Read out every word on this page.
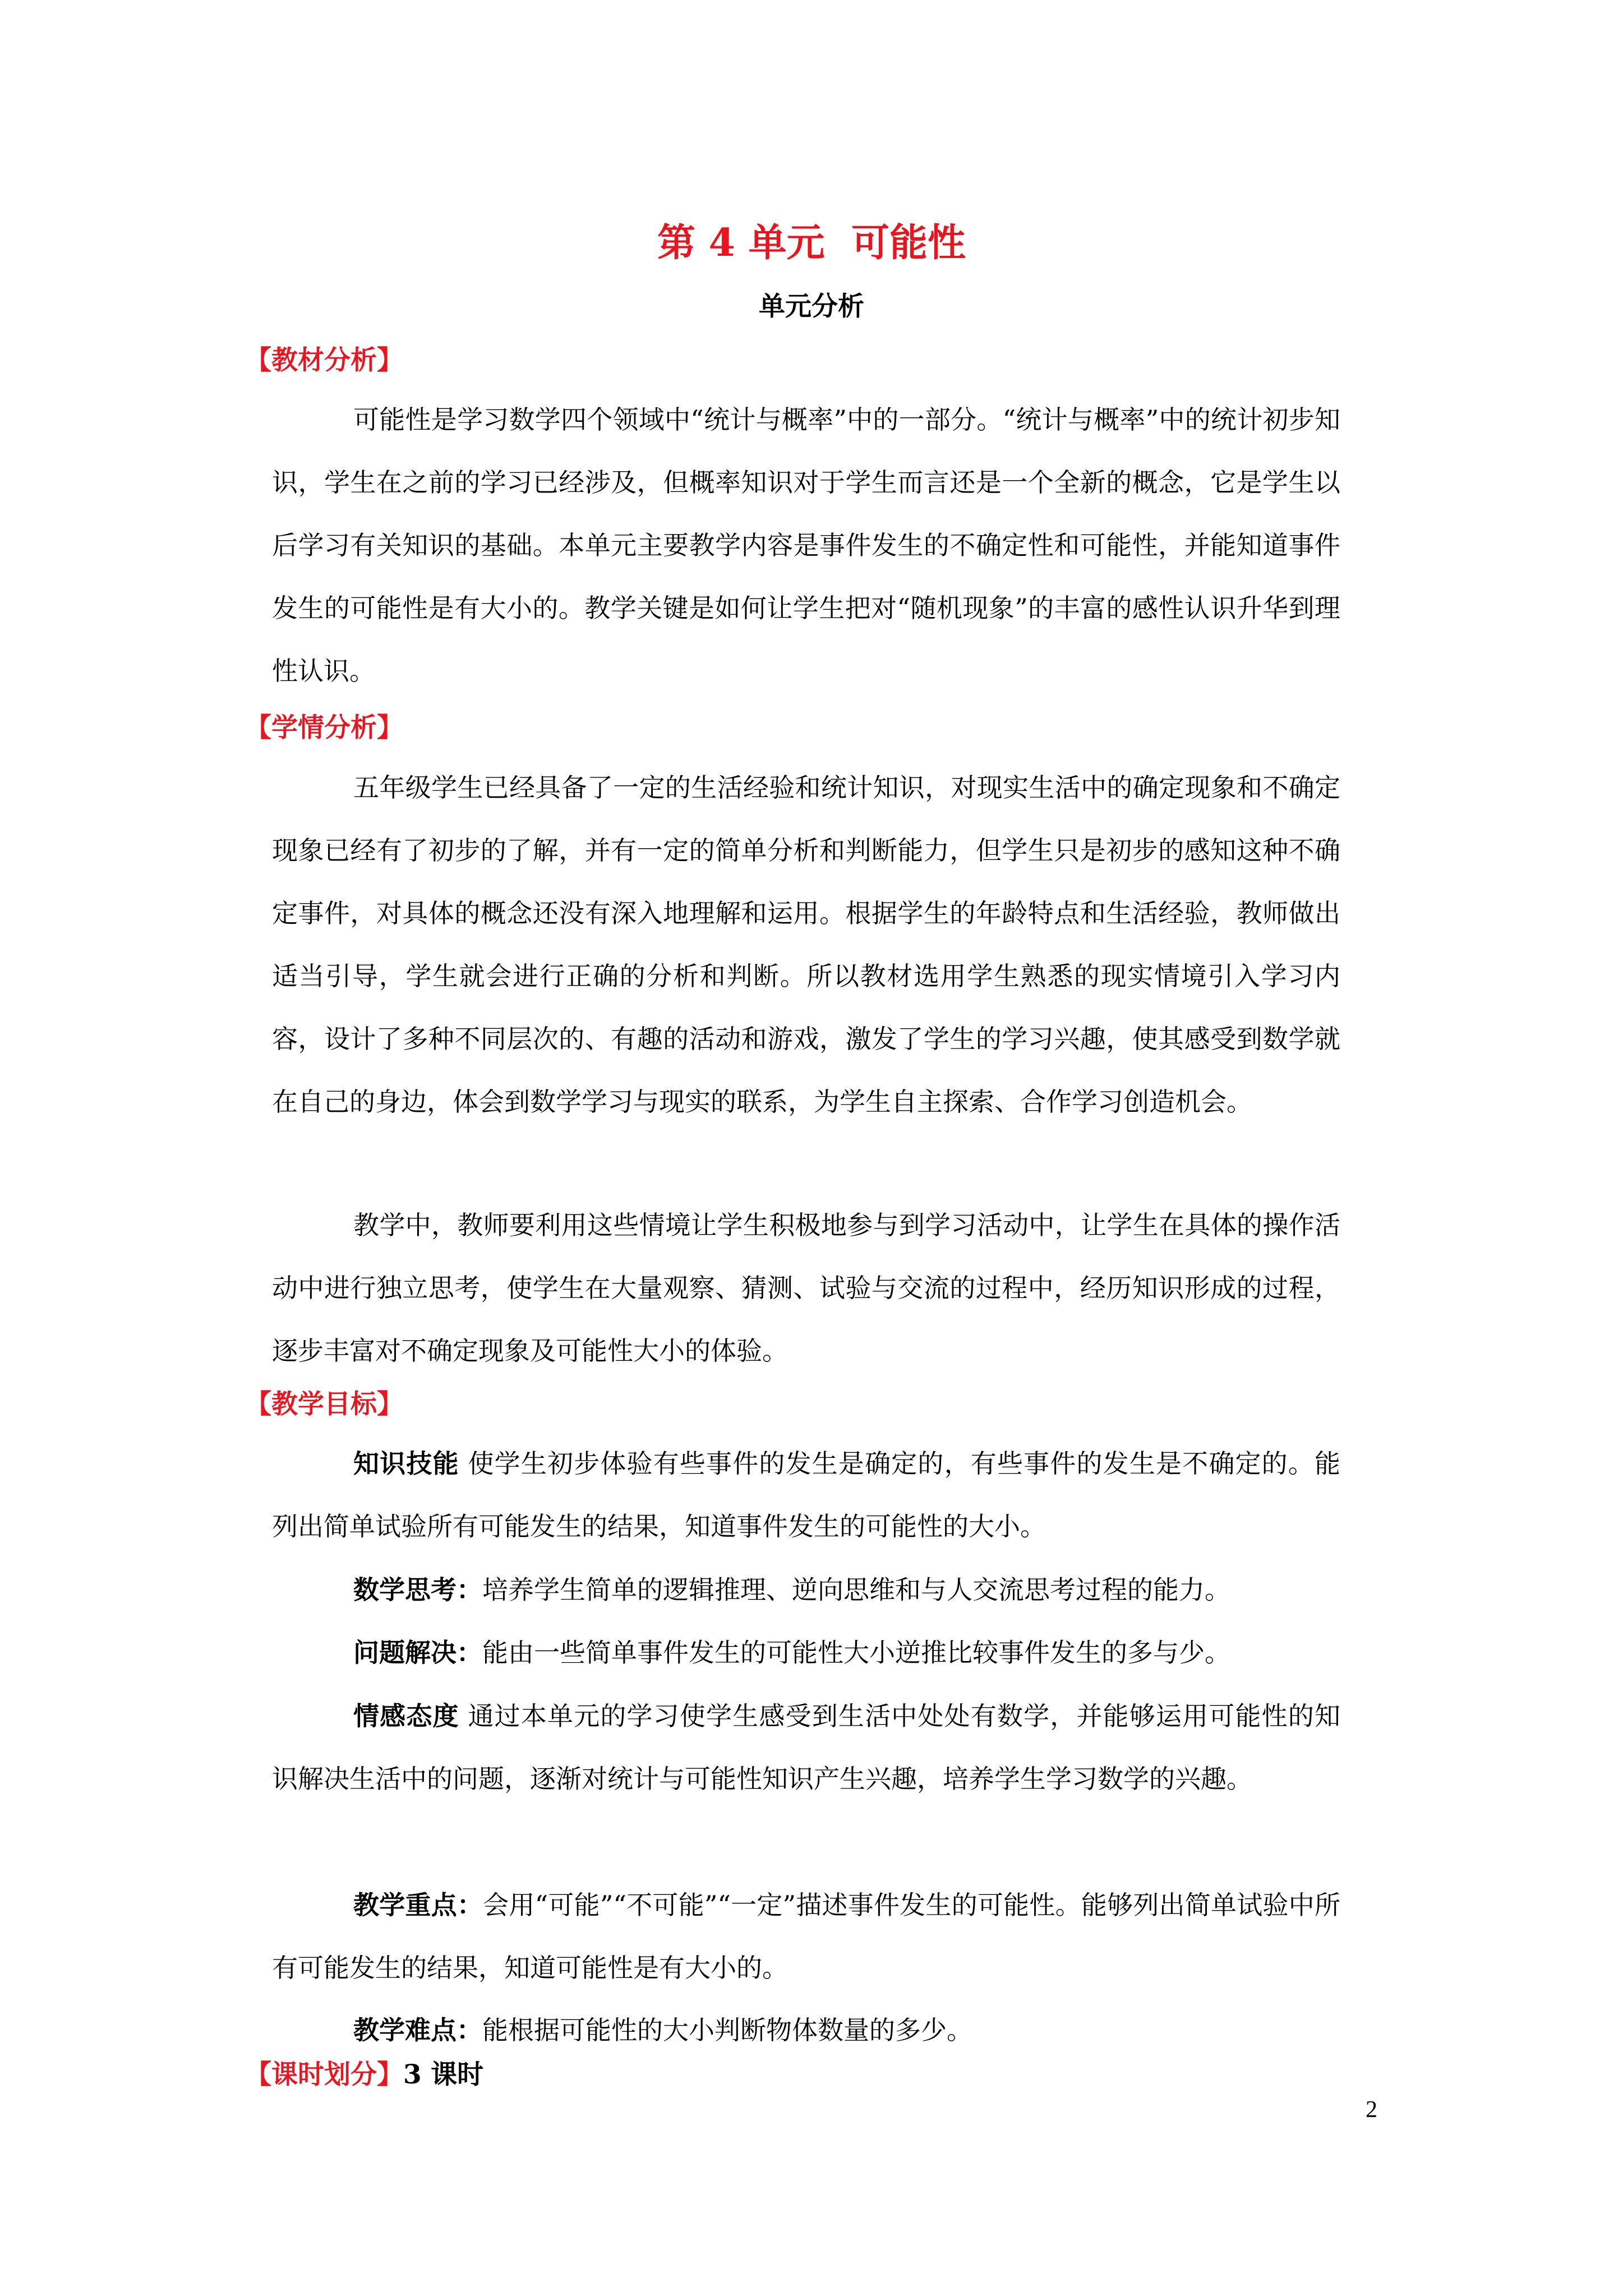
第 4 单元  可能性
单元分析
【教材分析】
可能性是学习数学四个领域中“统计与概率”中的一部分。“统计与概率”中的统计初步知识，学生在之前的学习已经涉及，但概率知识对于学生而言还是一个全新的概念，它是学生以后学习有关知识的基础。本单元主要教学内容是事件发生的不确定性和可能性，并能知道事件发生的可能性是有大小的。教学关键是如何让学生把对“随机现象”的丰富的感性认识升华到理性认识。
【学情分析】
五年级学生已经具备了一定的生活经验和统计知识，对现实生活中的确定现象和不确定现象已经有了初步的了解，并有一定的简单分析和判断能力，但学生只是初步的感知这种不确定事件，对具体的概念还没有深入地理解和运用。根据学生的年龄特点和生活经验，教师做出适当引导，学生就会进行正确的分析和判断。所以教材选用学生熟悉的现实情境引入学习内容，设计了多种不同层次的、有趣的活动和游戏，激发了学生的学习兴趣，使其感受到数学就在自己的身边，体会到数学学习与现实的联系，为学生自主探索、合作学习创造机会。
教学中，教师要利用这些情境让学生积极地参与到学习活动中，让学生在具体的操作活动中进行独立思考，使学生在大量观察、猜测、试验与交流的过程中，经历知识形成的过程，逐步丰富对不确定现象及可能性大小的体验。
【教学目标】
知识技能 使学生初步体验有些事件的发生是确定的，有些事件的发生是不确定的。能列出简单试验所有可能发生的结果，知道事件发生的可能性的大小。
数学思考：培养学生简单的逻辑推理、逆向思维和与人交流思考过程的能力。
问题解决：能由一些简单事件发生的可能性大小逆推比较事件发生的多与少。
情感态度 通过本单元的学习使学生感受到生活中处处有数学，并能够运用可能性的知识解决生活中的问题，逐渐对统计与可能性知识产生兴趣，培养学生学习数学的兴趣。
教学重点：会用“可能”“不可能”“一定”描述事件发生的可能性。能够列出简单试验中所有可能发生的结果，知道可能性是有大小的。
教学难点：能根据可能性的大小判断物体数量的多少。
【课时划分】3 课时
2
